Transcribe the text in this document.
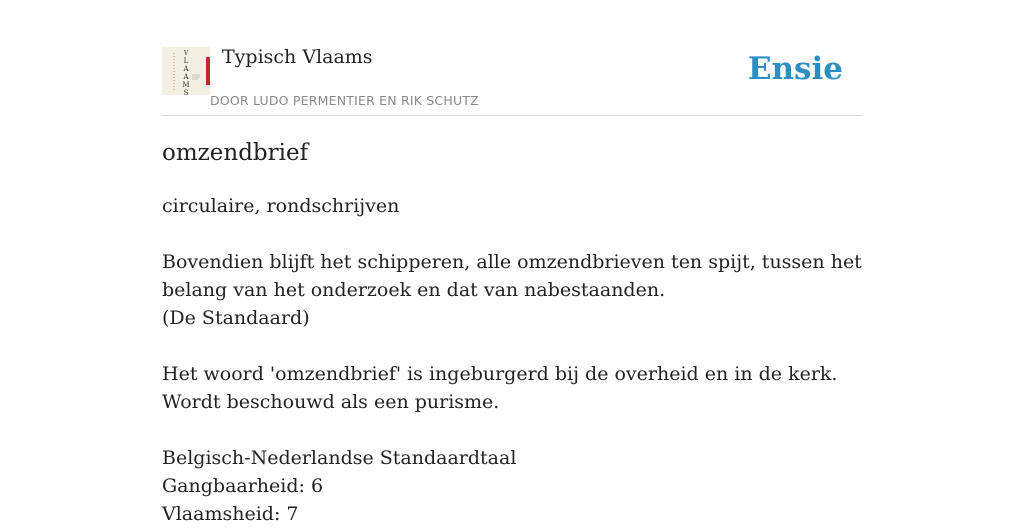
V
L
A
A
M
S
Typisch Vlaams
DOOR LUDO PERMENTIER EN RIK SCHUTZ
Ensie
omzendbrief

circulaire, rondschrijven

Bovendien blijft het schipperen, alle omzendbrieven ten spijt, tussen het belang van het onderzoek en dat van nabestaanden.

(De Standaard)

Het woord 'omzendbrief' is ingeburgerd bij de overheid en in de kerk. Wordt beschouwd als een purisme.

Belgisch-Nederlandse Standaardtaal

Gangbaarheid: 6

Vlaamsheid: 7
